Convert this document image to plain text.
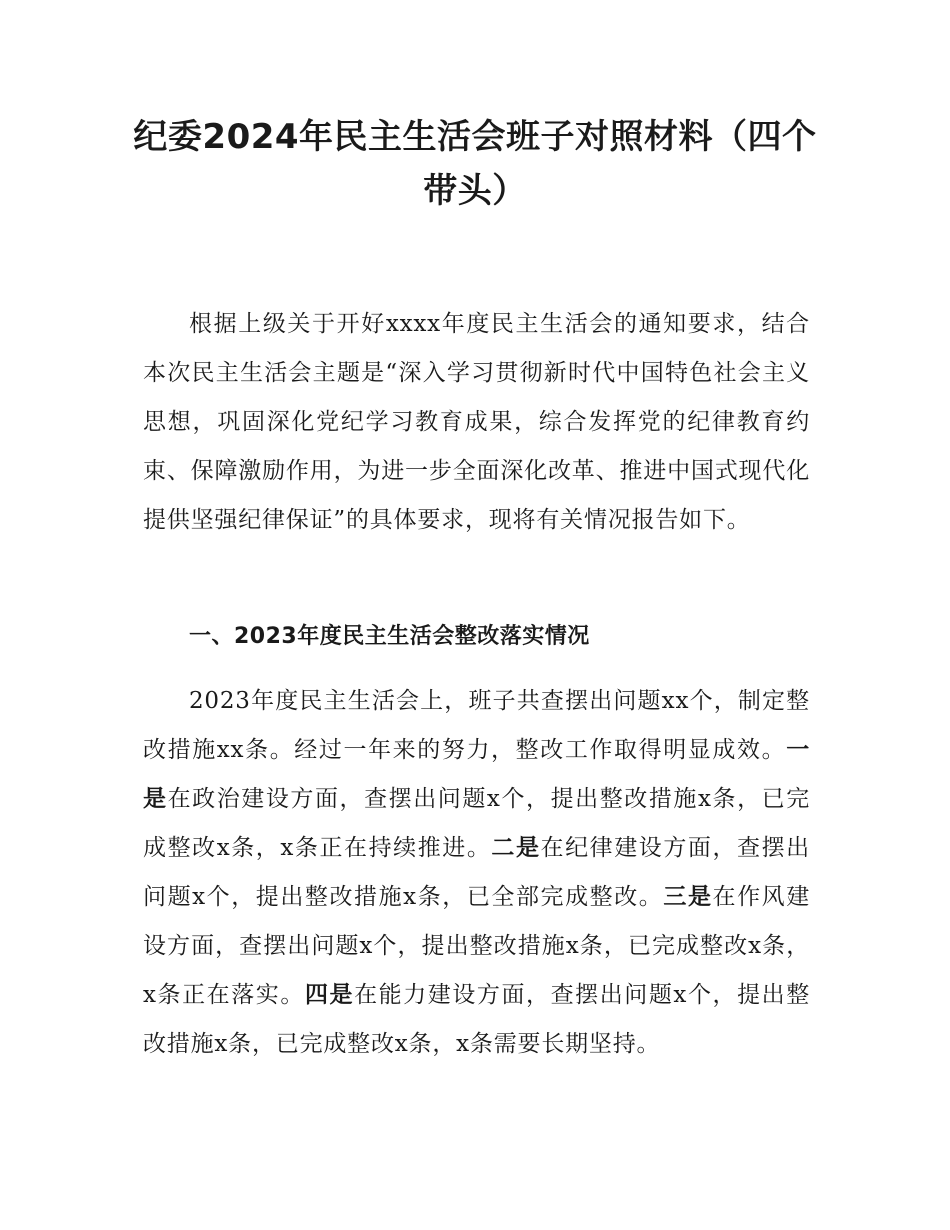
纪委2024年民主生活会班子对照材料（四个带头）

根据上级关于开好xxxx年度民主生活会的通知要求，结合本次民主生活会主题是“深入学习贯彻新时代中国特色社会主义思想，巩固深化党纪学习教育成果，综合发挥党的纪律教育约束、保障激励作用，为进一步全面深化改革、推进中国式现代化提供坚强纪律保证”的具体要求，现将有关情况报告如下。

一、2023年度民主生活会整改落实情况

2023年度民主生活会上，班子共查摆出问题xx个，制定整改措施xx条。经过一年来的努力，整改工作取得明显成效。一是在政治建设方面，查摆出问题x个，提出整改措施x条，已完成整改x条，x条正在持续推进。二是在纪律建设方面，查摆出问题x个，提出整改措施x条，已全部完成整改。三是在作风建设方面，查摆出问题x个，提出整改措施x条，已完成整改x条，x条正在落实。四是在能力建设方面，查摆出问题x个，提出整改措施x条，已完成整改x条，x条需要长期坚持。
